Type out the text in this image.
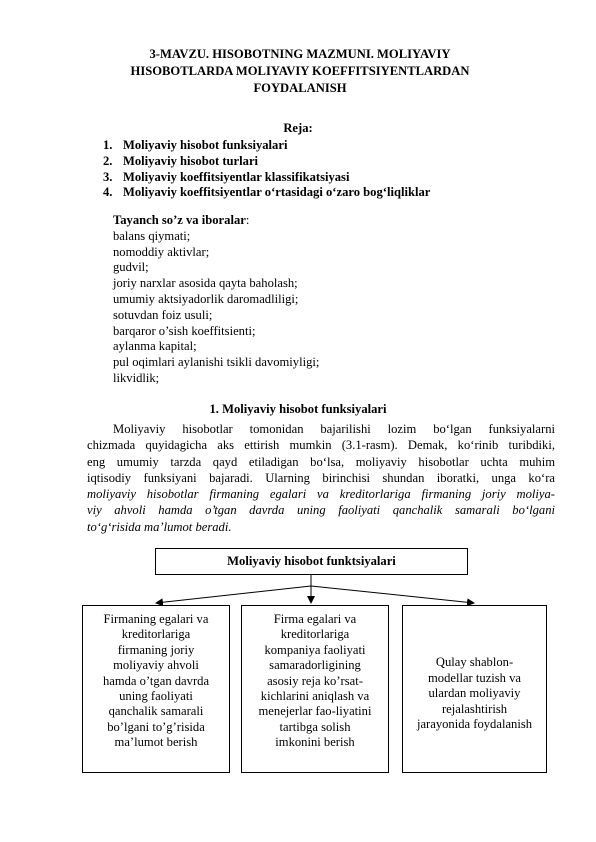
3-MAVZU. HISOBOTNING MAZMUNI. MOLIYAVIY
HISOBOTLARDA MOLIYAVIY KOEFFITSIYENTLARDAN
FOYDALANISH
Reja:
1. Moliyaviy hisobot funksiyalari
2. Moliyaviy hisobot turlari
3. Moliyaviy koeffitsiyentlar klassifikatsiyasi
4. Moliyaviy koeffitsiyentlar o‘rtasidagi o‘zaro bog‘liqliklar
Tayanch so’z va iboralar:
balans qiymati;
nomoddiy aktivlar;
gudvil;
joriy narxlar asosida qayta baholash;
umumiy aktsiyadorlik daromadliligi;
sotuvdan foiz usuli;
barqaror o’sish koeffitsienti;
aylanma kapital;
pul oqimlari aylanishi tsikli davomiyligi;
likvidlik;
1. Moliyaviy hisobot funksiyalari
Moliyaviy hisobotlar tomonidan bajarilishi lozim bo‘lgan funksiyalarni
chizmada quyidagicha aks ettirish mumkin (3.1-rasm). Demak, ko‘rinib turibdiki,
eng umumiy tarzda qayd etiladigan bo‘lsa, moliyaviy hisobotlar uchta muhim
iqtisodiy funksiyani bajaradi. Ularning birinchisi shundan iboratki, unga ko‘ra
moliyaviy hisobotlar firmaning egalari va kreditorlariga firmaning joriy moliya-
viy ahvoli hamda o’tgan davrda uning faoliyati qanchalik samarali bo‘lgani
to‘g‘risida ma’lumot beradi.
Moliyaviy hisobot funktsiyalari
Firmaning egalari va
kreditorlariga
firmaning joriy
moliyaviy ahvoli
hamda o’tgan davrda
uning faoliyati
qanchalik samarali
bo’lgani to’g’risida
ma’lumot berish
Firma egalari va
kreditorlariga
kompaniya faoliyati
samaradorligining
asosiy reja ko’rsat-
kichlarini aniqlash va
menejerlar fao-liyatini
tartibga solish
imkonini berish
Qulay shablon-
modellar tuzish va
ulardan moliyaviy
rejalashtirish
jarayonida foydalanish
